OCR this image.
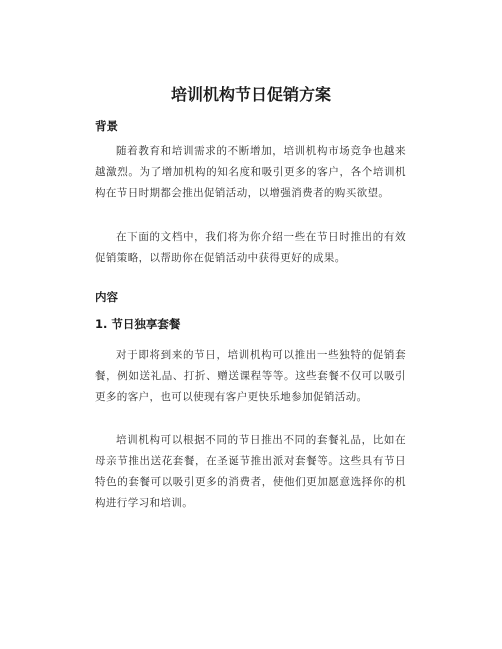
培训机构节日促销方案
背景

随着教育和培训需求的不断增加，培训机构市场竞争也越来越激烈。为了增加机构的知名度和吸引更多的客户，各个培训机构在节日时期都会推出促销活动，以增强消费者的购买欲望。

在下面的文档中，我们将为你介绍一些在节日时推出的有效促销策略，以帮助你在促销活动中获得更好的成果。

内容
1. 节日独享套餐

对于即将到来的节日，培训机构可以推出一些独特的促销套餐，例如送礼品、打折、赠送课程等等。这些套餐不仅可以吸引更多的客户，也可以使现有客户更快乐地参加促销活动。

培训机构可以根据不同的节日推出不同的套餐礼品，比如在母亲节推出送花套餐，在圣诞节推出派对套餐等。这些具有节日特色的套餐可以吸引更多的消费者，使他们更加愿意选择你的机构进行学习和培训。
